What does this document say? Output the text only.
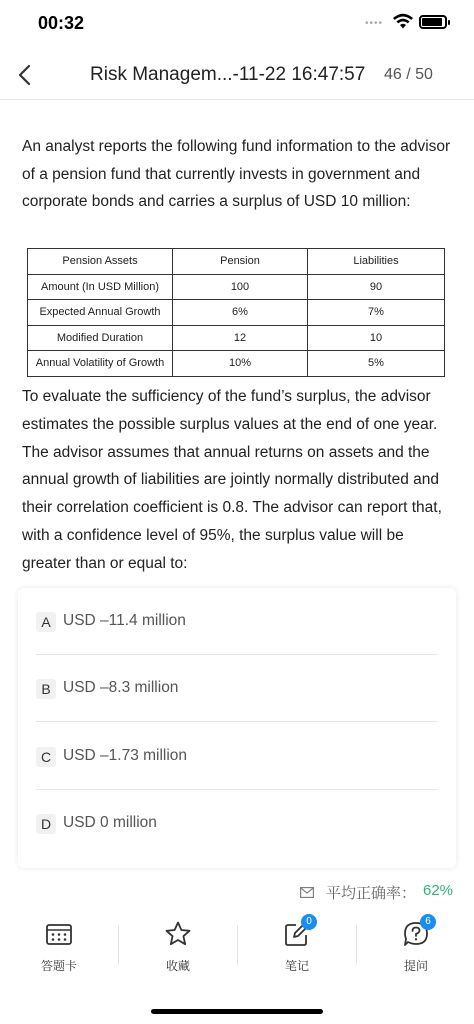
00:32	••••
Risk Managem...-11-22 16:47:57 46 / 50
An analyst reports the following fund information to the advisor of a pension fund that currently invests in government and corporate bonds and carries a surplus of USD 10 million:
Pension Assets	Pension	Liabilities
Amount (In USD Million)	100	90
Expected Annual Growth	6%	7%
Modified Duration	12	10
Annual Volatility of Growth	10%	5%
To evaluate the sufficiency of the fund’s surplus, the advisor estimates the possible surplus values at the end of one year. The advisor assumes that annual returns on assets and the annual growth of liabilities are jointly normally distributed and their correlation coefficient is 0.8. The advisor can report that, with a confidence level of 95%, the surplus value will be greater than or equal to:
A USD –11.4 million
B USD –8.3 million
C USD –1.73 million
D USD 0 million
平均正确率： 62%
答题卡	收藏
0
笔记
6
提问
